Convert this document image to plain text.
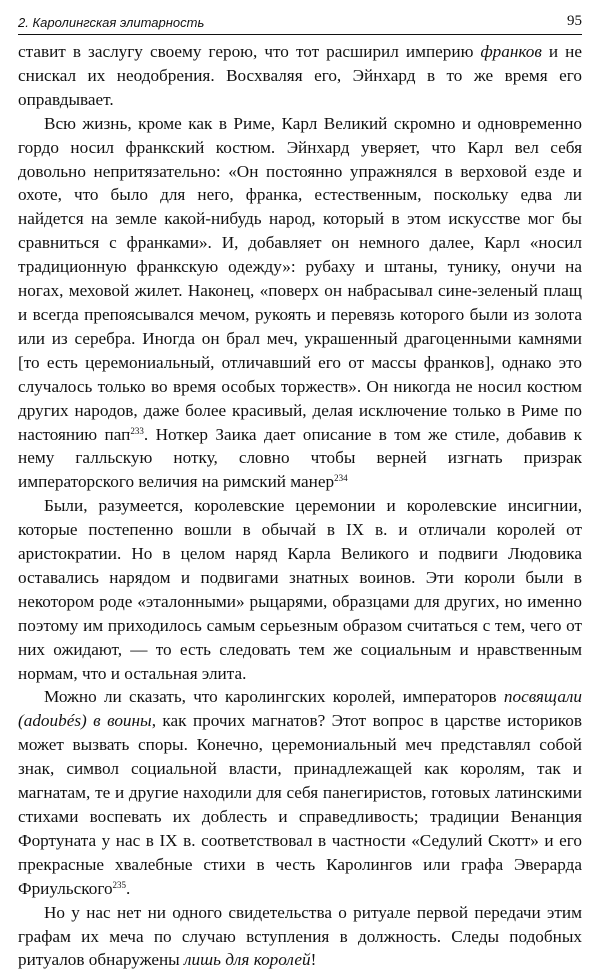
2. Каролингская элитарность	95

ставит в заслугу своему герою, что тот расширил империю франков и не снискал их неодобрения. Восхваляя его, Эйнхард в то же время его оправдывает.

Всю жизнь, кроме как в Риме, Карл Великий скромно и одновременно гордо носил франкский костюм. Эйнхард уверяет, что Карл вел себя довольно непритязательно: «Он постоянно упражнялся в верховой езде и охоте, что было для него, франка, естественным, поскольку едва ли найдется на земле какой-нибудь народ, который в этом искусстве мог бы сравниться с франками». И, добавляет он немного далее, Карл «носил традиционную франкскую одежду»: рубаху и штаны, тунику, онучи на ногах, меховой жилет. Наконец, «поверх он набрасывал сине-зеленый плащ и всегда препоясывался мечом, рукоять и перевязь которого были из золота или из серебра. Иногда он брал меч, украшенный драгоценными камнями [то есть церемониальный, отличавший его от массы франков], однако это случалось только во время особых торжеств». Он никогда не носил костюм других народов, даже более красивый, делая исключение только в Риме по настоянию пап$^{233}$. Ноткер Заика дает описание в том же стиле, добавив к нему галльскую нотку, словно чтобы верней изгнать призрак императорского величия на римский манер$^{234}$

Были, разумеется, королевские церемонии и королевские инсигнии, которые постепенно вошли в обычай в IX в. и отличали королей от аристократии. Но в целом наряд Карла Великого и подвиги Людовика оставались нарядом и подвигами знатных воинов. Эти короли были в некотором роде «эталонными» рыцарями, образцами для других, но именно поэтому им приходилось самым серьезным образом считаться с тем, чего от них ожидают, — то есть следовать тем же социальным и нравственным нормам, что и остальная элита.

Можно ли сказать, что каролингских королей, императоров посвящали (adoubés) в воины, как прочих магнатов? Этот вопрос в царстве историков может вызвать споры. Конечно, церемониальный меч представлял собой знак, символ социальной власти, принадлежащей как королям, так и магнатам, те и другие находили для себя панегиристов, готовых латинскими стихами воспевать их доблесть и справедливость; традиции Венанция Фортуната у нас в IX в. соответствовал в частности «Седулий Скотт» и его прекрасные хвалебные стихи в честь Каролингов или графа Эверарда Фриульского$^{235}$.

Но у нас нет ни одного свидетельства о ритуале первой передачи этим графам их меча по случаю вступления в должность. Следы подобных ритуалов обнаружены лишь для королей!
